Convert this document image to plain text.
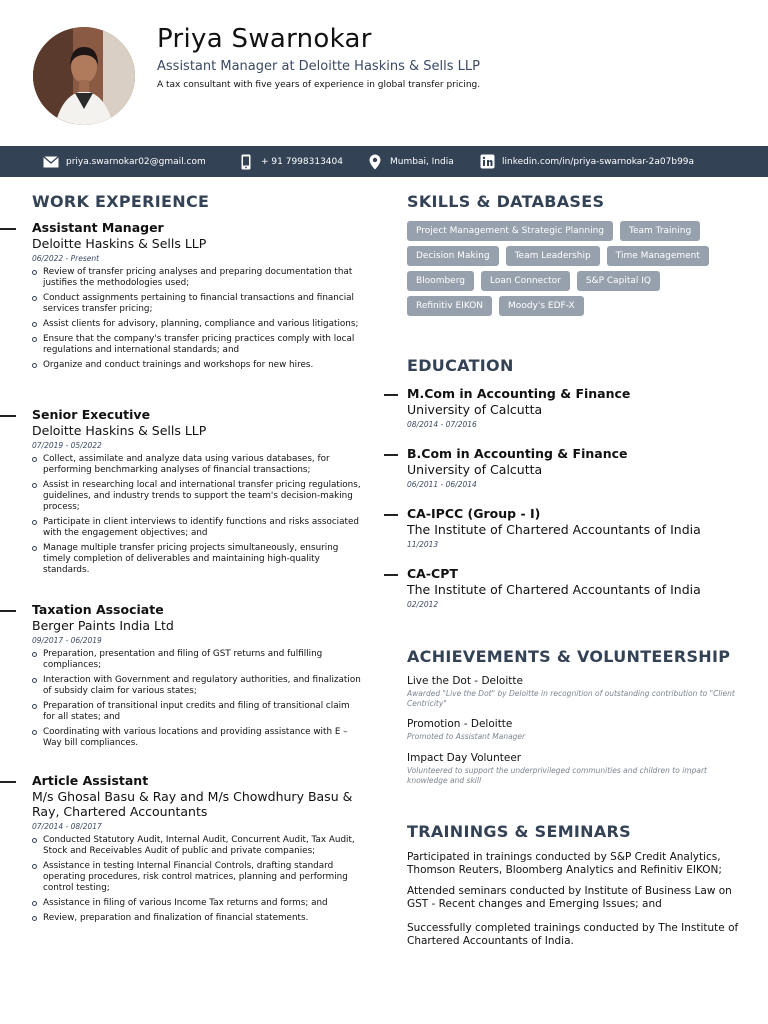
Priya Swarnokar
Assistant Manager at Deloitte Haskins & Sells LLP
A tax consultant with five years of experience in global transfer pricing.
priya.swarnokar02@gmail.com	+ 91 7998313404	Mumbai, India	linkedin.com/in/priya-swarnokar-2a07b99a
WORK EXPERIENCE
Assistant Manager
Deloitte Haskins & Sells LLP
06/2022 - Present
Review of transfer pricing analyses and preparing documentation that justifies the methodologies used;
Conduct assignments pertaining to financial transactions and financial services transfer pricing;
Assist clients for advisory, planning, compliance and various litigations;
Ensure that the company's transfer pricing practices comply with local regulations and international standards; and
Organize and conduct trainings and workshops for new hires.
Senior Executive
Deloitte Haskins & Sells LLP
07/2019 - 05/2022
Collect, assimilate and analyze data using various databases, for performing benchmarking analyses of financial transactions;
Assist in researching local and international transfer pricing regulations, guidelines, and industry trends to support the team's decision-making process;
Participate in client interviews to identify functions and risks associated with the engagement objectives; and
Manage multiple transfer pricing projects simultaneously, ensuring timely completion of deliverables and maintaining high-quality standards.
Taxation Associate
Berger Paints India Ltd
09/2017 - 06/2019
Preparation, presentation and filing of GST returns and fulfilling compliances;
Interaction with Government and regulatory authorities, and finalization of subsidy claim for various states;
Preparation of transitional input credits and filing of transitional claim for all states; and
Coordinating with various locations and providing assistance with E – Way bill compliances.
Article Assistant
M/s Ghosal Basu & Ray and M/s Chowdhury Basu & Ray, Chartered Accountants
07/2014 - 08/2017
Conducted Statutory Audit, Internal Audit, Concurrent Audit, Tax Audit, Stock and Receivables Audit of public and private companies;
Assistance in testing Internal Financial Controls, drafting standard operating procedures, risk control matrices, planning and performing control testing;
Assistance in filing of various Income Tax returns and forms; and
Review, preparation and finalization of financial statements.
SKILLS & DATABASES
Project Management & Strategic Planning	Team Training
Decision Making	Team Leadership	Time Management
Bloomberg	Loan Connector	S&P Capital IQ
Refinitiv EIKON	Moody's EDF-X
EDUCATION
M.Com in Accounting & Finance
University of Calcutta
08/2014 - 07/2016
B.Com in Accounting & Finance
University of Calcutta
06/2011 - 06/2014
CA-IPCC (Group - I)
The Institute of Chartered Accountants of India
11/2013
CA-CPT
The Institute of Chartered Accountants of India
02/2012
ACHIEVEMENTS & VOLUNTEERSHIP
Live the Dot - Deloitte
Awarded "Live the Dot" by Deloitte in recognition of outstanding contribution to "Client Centricity"
Promotion - Deloitte
Promoted to Assistant Manager
Impact Day Volunteer
Volunteered to support the underprivileged communities and children to impart knowledge and skill
TRAININGS & SEMINARS
Participated in trainings conducted by S&P Credit Analytics, Thomson Reuters, Bloomberg Analytics and Refinitiv EIKON;
Attended seminars conducted by Institute of Business Law on GST - Recent changes and Emerging Issues; and
Successfully completed trainings conducted by The Institute of Chartered Accountants of India.
